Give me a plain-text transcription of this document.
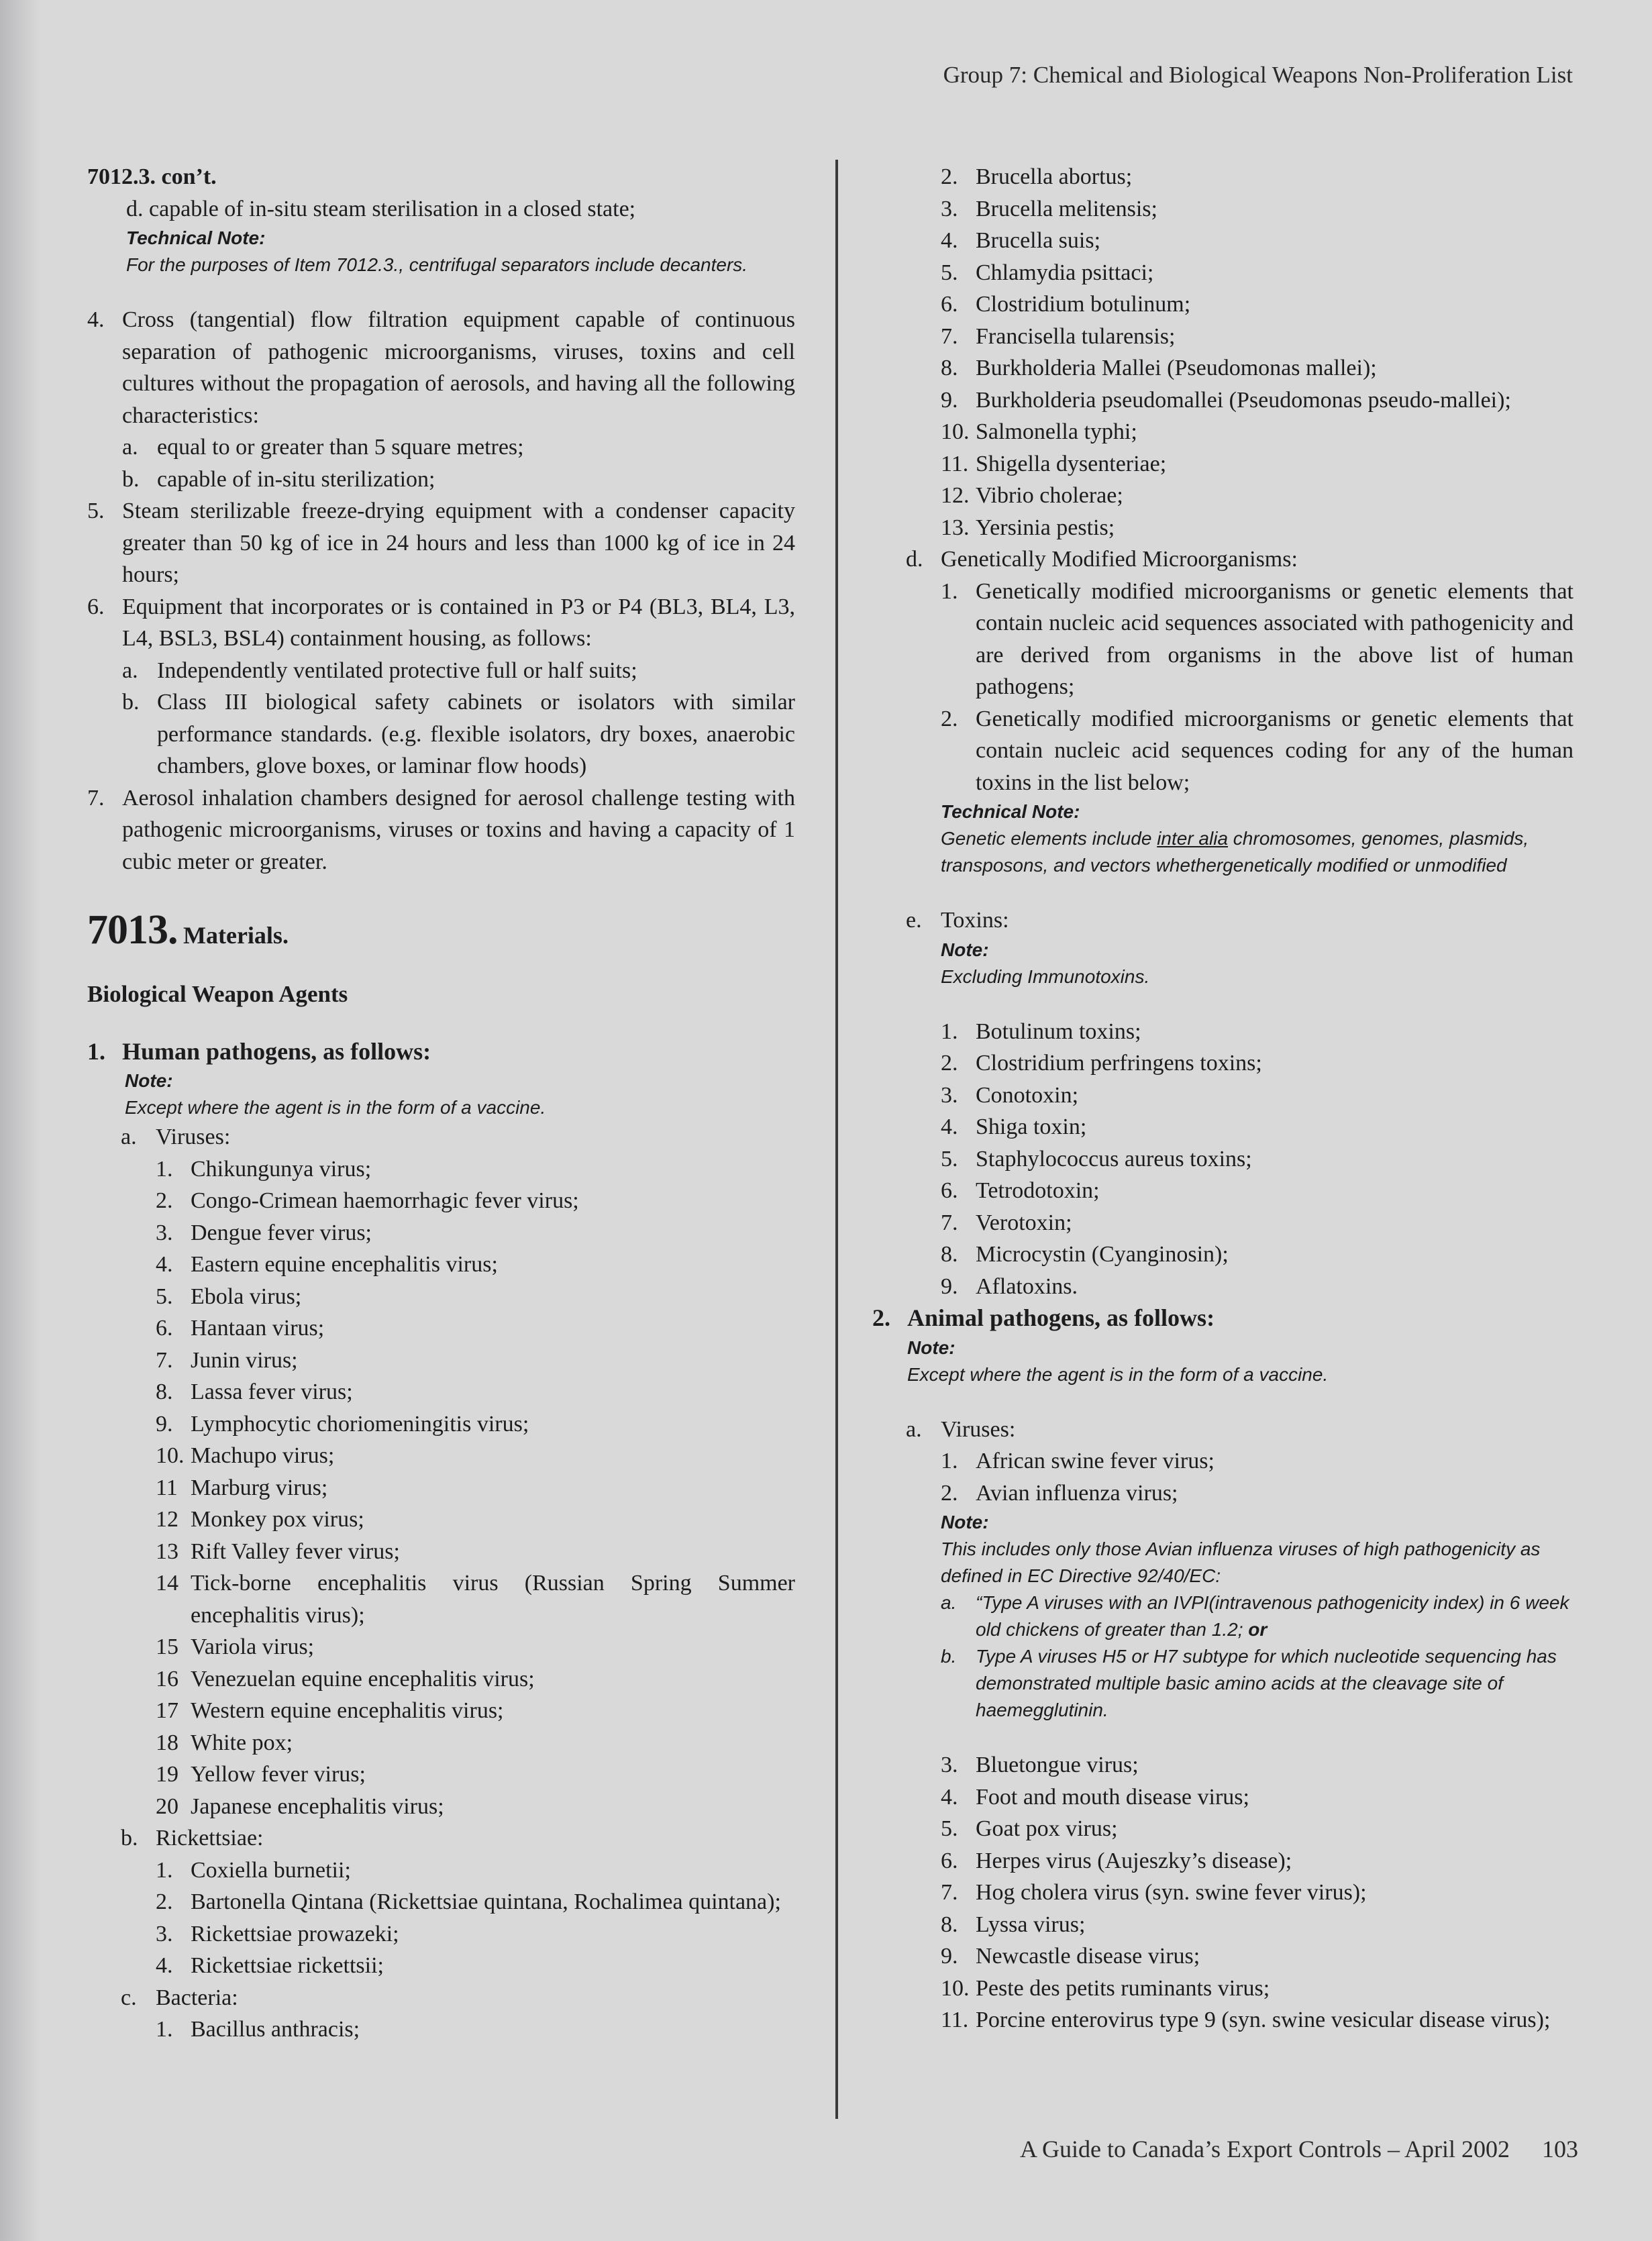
Group 7: Chemical and Biological Weapons Non-Proliferation List
7012.3. con’t.
d. capable of in-situ steam sterilisation in a closed state;
Technical Note:
For the purposes of Item 7012.3., centrifugal separators include decanters.
4. Cross (tangential) flow filtration equipment capable of continuous separation of pathogenic microorganisms, viruses, toxins and cell cultures without the propagation of aerosols, and having all the following characteristics:
a. equal to or greater than 5 square metres;
b. capable of in-situ sterilization;
5. Steam sterilizable freeze-drying equipment with a condenser capacity greater than 50 kg of ice in 24 hours and less than 1000 kg of ice in 24 hours;
6. Equipment that incorporates or is contained in P3 or P4 (BL3, BL4, L3, L4, BSL3, BSL4) containment housing, as follows:
a. Independently ventilated protective full or half suits;
b. Class III biological safety cabinets or isolators with similar performance standards. (e.g. flexible isolators, dry boxes, anaerobic chambers, glove boxes, or laminar flow hoods)
7. Aerosol inhalation chambers designed for aerosol challenge testing with pathogenic microorganisms, viruses or toxins and having a capacity of 1 cubic meter or greater.
7013. Materials.
Biological Weapon Agents
1. Human pathogens, as follows:
Note:
Except where the agent is in the form of a vaccine.
a. Viruses:
1. Chikungunya virus;
2. Congo-Crimean haemorrhagic fever virus;
3. Dengue fever virus;
4. Eastern equine encephalitis virus;
5. Ebola virus;
6. Hantaan virus;
7. Junin virus;
8. Lassa fever virus;
9. Lymphocytic choriomeningitis virus;
10. Machupo virus;
11 Marburg virus;
12 Monkey pox virus;
13 Rift Valley fever virus;
14 Tick-borne encephalitis virus (Russian Spring Summer encephalitis virus);
15 Variola virus;
16 Venezuelan equine encephalitis virus;
17 Western equine encephalitis virus;
18 White pox;
19 Yellow fever virus;
20 Japanese encephalitis virus;
b. Rickettsiae:
1. Coxiella burnetii;
2. Bartonella Qintana (Rickettsiae quintana, Rochalimea quintana);
3. Rickettsiae prowazeki;
4. Rickettsiae rickettsii;
c. Bacteria:
1. Bacillus anthracis;
2. Brucella abortus;
3. Brucella melitensis;
4. Brucella suis;
5. Chlamydia psittaci;
6. Clostridium botulinum;
7. Francisella tularensis;
8. Burkholderia Mallei (Pseudomonas mallei);
9. Burkholderia pseudomallei (Pseudomonas pseudo-mallei);
10. Salmonella typhi;
11. Shigella dysenteriae;
12. Vibrio cholerae;
13. Yersinia pestis;
d. Genetically Modified Microorganisms:
1. Genetically modified microorganisms or genetic elements that contain nucleic acid sequences associated with pathogenicity and are derived from organisms in the above list of human pathogens;
2. Genetically modified microorganisms or genetic elements that contain nucleic acid sequences coding for any of the human toxins in the list below;
Technical Note:
Genetic elements include inter alia chromosomes, genomes, plasmids, transposons, and vectors whethergenetically modified or unmodified
e. Toxins:
Note:
Excluding Immunotoxins.
1. Botulinum toxins;
2. Clostridium perfringens toxins;
3. Conotoxin;
4. Shiga toxin;
5. Staphylococcus aureus toxins;
6. Tetrodotoxin;
7. Verotoxin;
8. Microcystin (Cyanginosin);
9. Aflatoxins.
2. Animal pathogens, as follows:
Note:
Except where the agent is in the form of a vaccine.
a. Viruses:
1. African swine fever virus;
2. Avian influenza virus;
Note:
This includes only those Avian influenza viruses of high pathogenicity as defined in EC Directive 92/40/EC:
a.	“Type A viruses with an IVPI(intravenous pathogenicity index) in 6 week old chickens of greater than 1.2; or
b.	Type A viruses H5 or H7 subtype for which nucleotide sequencing has demonstrated multiple basic amino acids at the cleavage site of haemegglutinin.
3. Bluetongue virus;
4. Foot and mouth disease virus;
5. Goat pox virus;
6. Herpes virus (Aujeszky’s disease);
7. Hog cholera virus (syn. swine fever virus);
8. Lyssa virus;
9. Newcastle disease virus;
10. Peste des petits ruminants virus;
11. Porcine enterovirus type 9 (syn. swine vesicular disease virus);
A Guide to Canada’s Export Controls – April 2002 103
